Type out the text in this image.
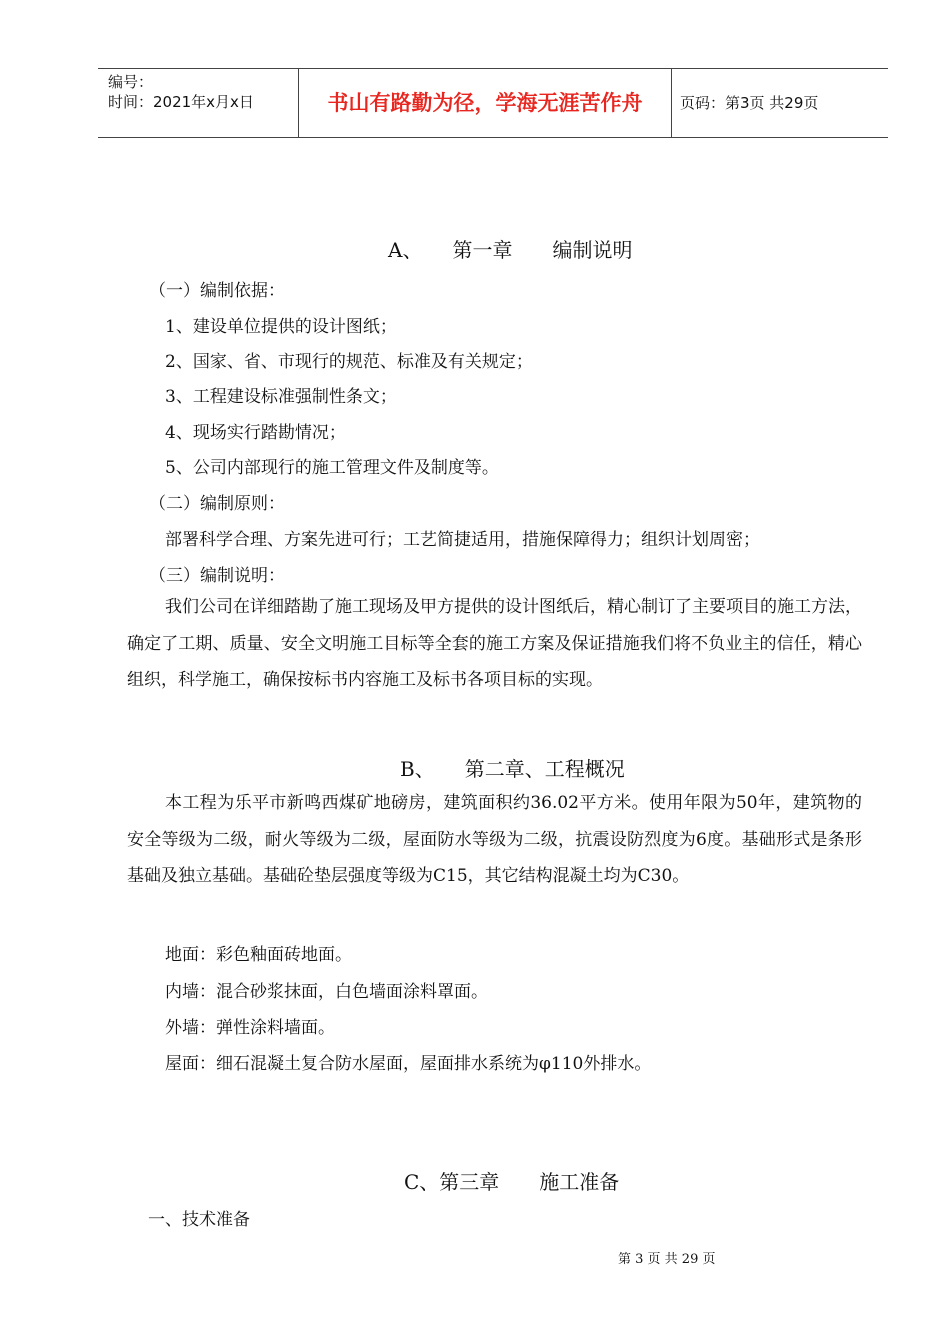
编号：
时间：2021年x月x日	书山有路勤为径，学海无涯苦作舟	页码：第3页 共29页
A、　　第一章　　编制说明
（一）编制依据：
1、建设单位提供的设计图纸；
2、国家、省、市现行的规范、标准及有关规定；
3、工程建设标准强制性条文；
4、现场实行踏勘情况；
5、公司内部现行的施工管理文件及制度等。
（二）编制原则：
部署科学合理、方案先进可行；工艺简捷适用，措施保障得力；组织计划周密；
（三）编制说明：
我们公司在详细踏勘了施工现场及甲方提供的设计图纸后，精心制订了主要项目的施工方法，确定了工期、质量、安全文明施工目标等全套的施工方案及保证措施我们将不负业主的信任，精心组织，科学施工，确保按标书内容施工及标书各项目标的实现。
B、　　第二章、工程概况
本工程为乐平市新鸣西煤矿地磅房，建筑面积约36.02平方米。使用年限为50年，建筑物的安全等级为二级，耐火等级为二级，屋面防水等级为二级，抗震设防烈度为6度。基础形式是条形基础及独立基础。基础砼垫层强度等级为C15，其它结构混凝土均为C30。
地面：彩色釉面砖地面。
内墙：混合砂浆抹面，白色墙面涂料罩面。
外墙：弹性涂料墙面。
屋面：细石混凝土复合防水屋面，屋面排水系统为φ110外排水。
C、第三章　　施工准备
一、技术准备
第 3 页 共 29 页
